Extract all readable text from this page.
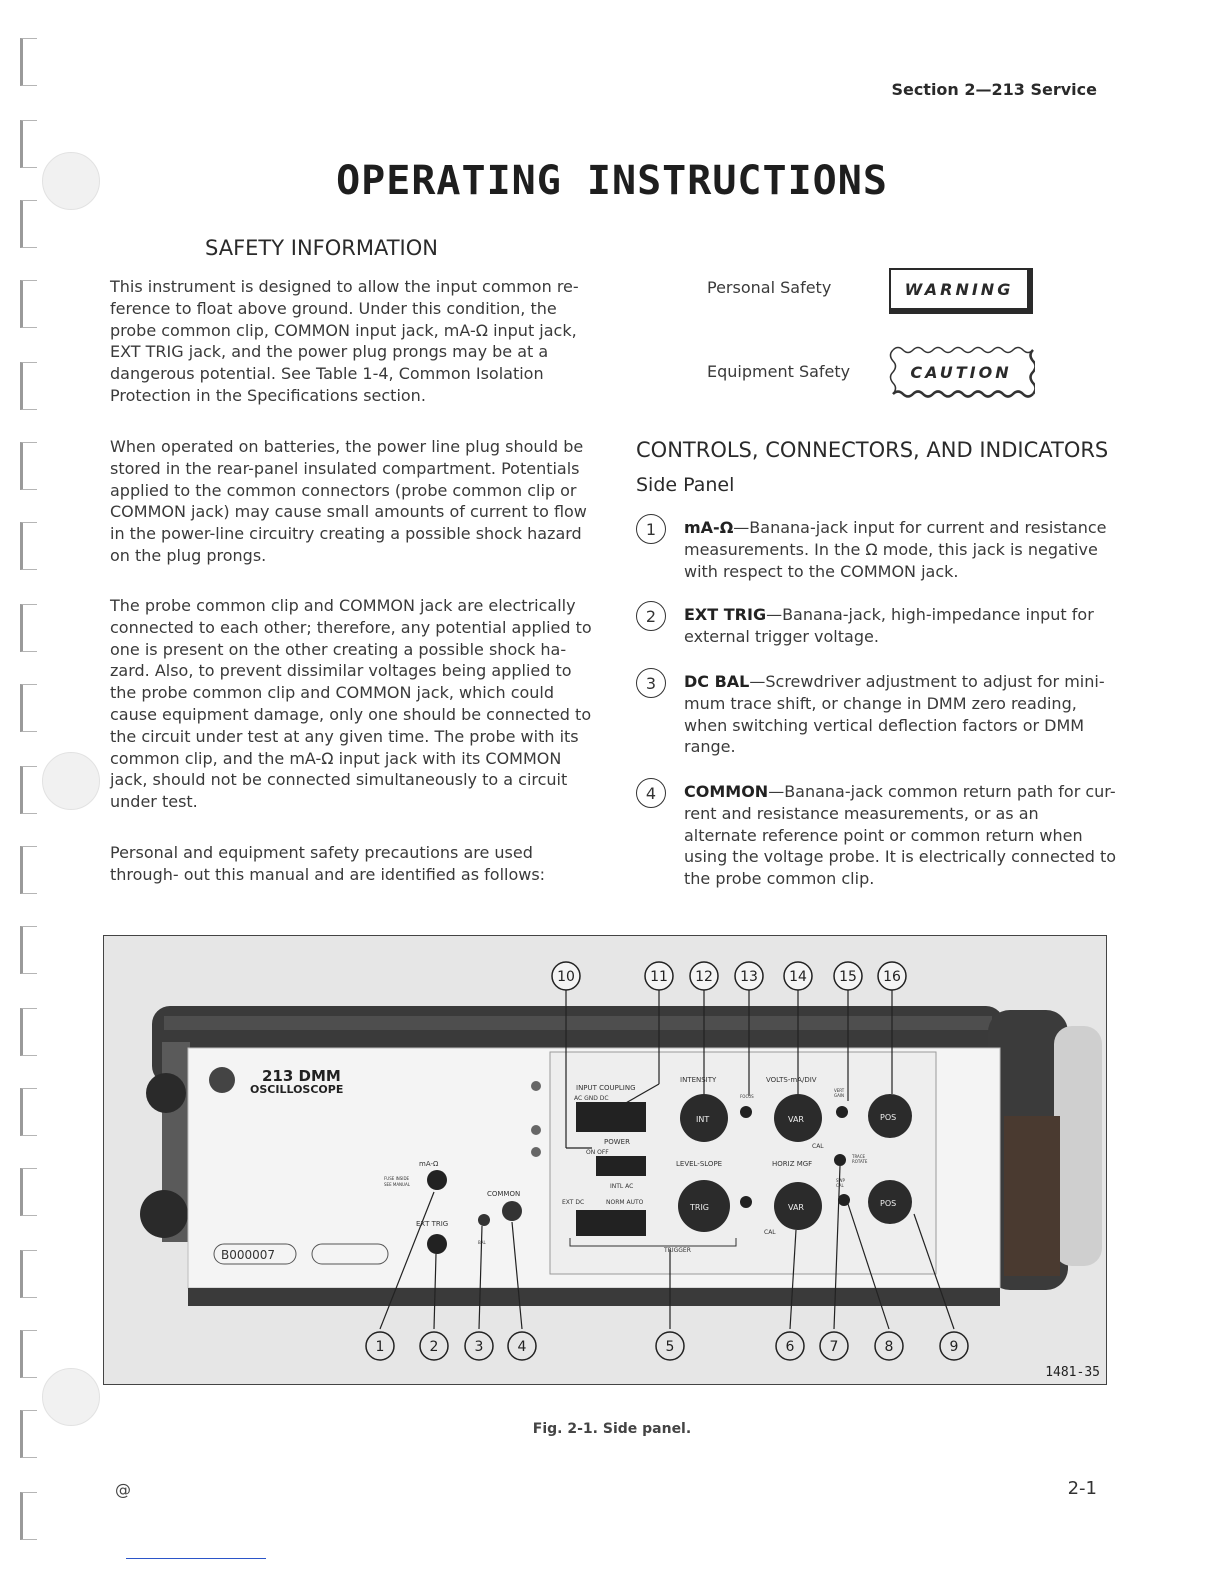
Section 2—213 Service
OPERATING INSTRUCTIONS
SAFETY INFORMATION

This instrument is designed to allow the input common re- ference to float above ground. Under this condition, the probe common clip, COMMON input jack, mA-Ω input jack, EXT TRIG jack, and the power plug prongs may be at a dangerous potential. See Table 1-4, Common Isolation Protection in the Specifications section.

When operated on batteries, the power line plug should be stored in the rear-panel insulated compartment. Potentials applied to the common connectors (probe common clip or COMMON jack) may cause small amounts of current to flow in the power-line circuitry creating a possible shock hazard on the plug prongs.

The probe common clip and COMMON jack are electrically connected to each other; therefore, any potential applied to one is present on the other creating a possible shock ha- zard. Also, to prevent dissimilar voltages being applied to the probe common clip and COMMON jack, which could cause equipment damage, only one should be connected to the circuit under test at any given time. The probe with its common clip, and the mA-Ω input jack with its COMMON jack, should not be connected simultaneously to a circuit under test.

Personal and equipment safety precautions are used through- out this manual and are identified as follows:

Personal Safety	WARNING
Equipment Safety	CAUTION
CONTROLS, CONNECTORS, AND INDICATORS
Side Panel
1	mA-Ω—Banana-jack input for current and resistance measurements. In the Ω mode, this jack is negative with respect to the COMMON jack.
2	EXT TRIG—Banana-jack, high-impedance input for external trigger voltage.
3	DC BAL—Screwdriver adjustment to adjust for mini- mum trace shift, or change in DMM zero reading, when switching vertical deflection factors or DMM range.
4	COMMON—Banana-jack common return path for cur- rent and resistance measurements, or as an alternate reference point or common return when using the voltage probe. It is electrically connected to the probe common clip.
213 DMM
OSCILLOSCOPE
mA-Ω
FUSE INSIDE
SEE MANUAL
EXT TRIG
COMMON
BAL
B000007
INPUT COUPLING
AC GND DC
POWER
ON OFF
INTL AC
NORM AUTO
EXT DC
TRIGGER
INTENSITY
INT
FOCUS
VOLTS-mA/DIV
VAR
CAL
VERT
GAIN
POS
LEVEL-SLOPE
TRIG
HORIZ MGF
VAR
CAL
TRACE
ROTATE
SWP
CAL
POS
10	11 12 13 14 15 16
1	2	3 4	5	6	7	8	9
1481-35
Fig. 2-1. Side panel.
@	2-1
